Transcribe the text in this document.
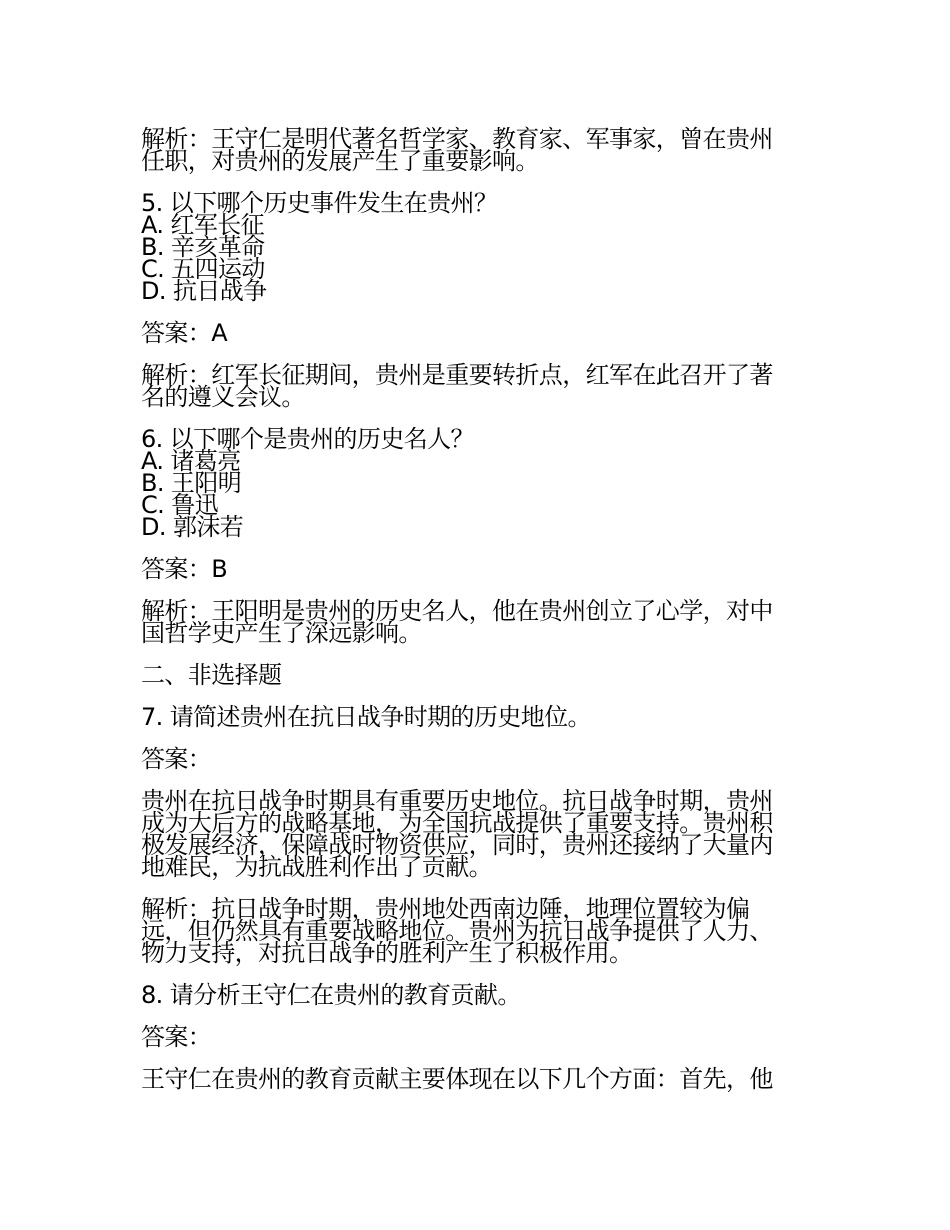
解析：王守仁是明代著名哲学家、教育家、军事家，曾在贵州
任职，对贵州的发展产生了重要影响。
5. 以下哪个历史事件发生在贵州？
A. 红军长征
B. 辛亥革命
C. 五四运动
D. 抗日战争
答案：A
解析：红军长征期间，贵州是重要转折点，红军在此召开了著
名的遵义会议。
6. 以下哪个是贵州的历史名人？
A. 诸葛亮
B. 王阳明
C. 鲁迅
D. 郭沫若
答案：B
解析：王阳明是贵州的历史名人，他在贵州创立了心学，对中
国哲学史产生了深远影响。
二、非选择题
7. 请简述贵州在抗日战争时期的历史地位。
答案：
贵州在抗日战争时期具有重要历史地位。抗日战争时期，贵州
成为大后方的战略基地，为全国抗战提供了重要支持。贵州积
极发展经济，保障战时物资供应，同时，贵州还接纳了大量内
地难民，为抗战胜利作出了贡献。
解析：抗日战争时期，贵州地处西南边陲，地理位置较为偏
远，但仍然具有重要战略地位。贵州为抗日战争提供了人力、
物力支持，对抗日战争的胜利产生了积极作用。
8. 请分析王守仁在贵州的教育贡献。
答案：
王守仁在贵州的教育贡献主要体现在以下几个方面：首先，他
